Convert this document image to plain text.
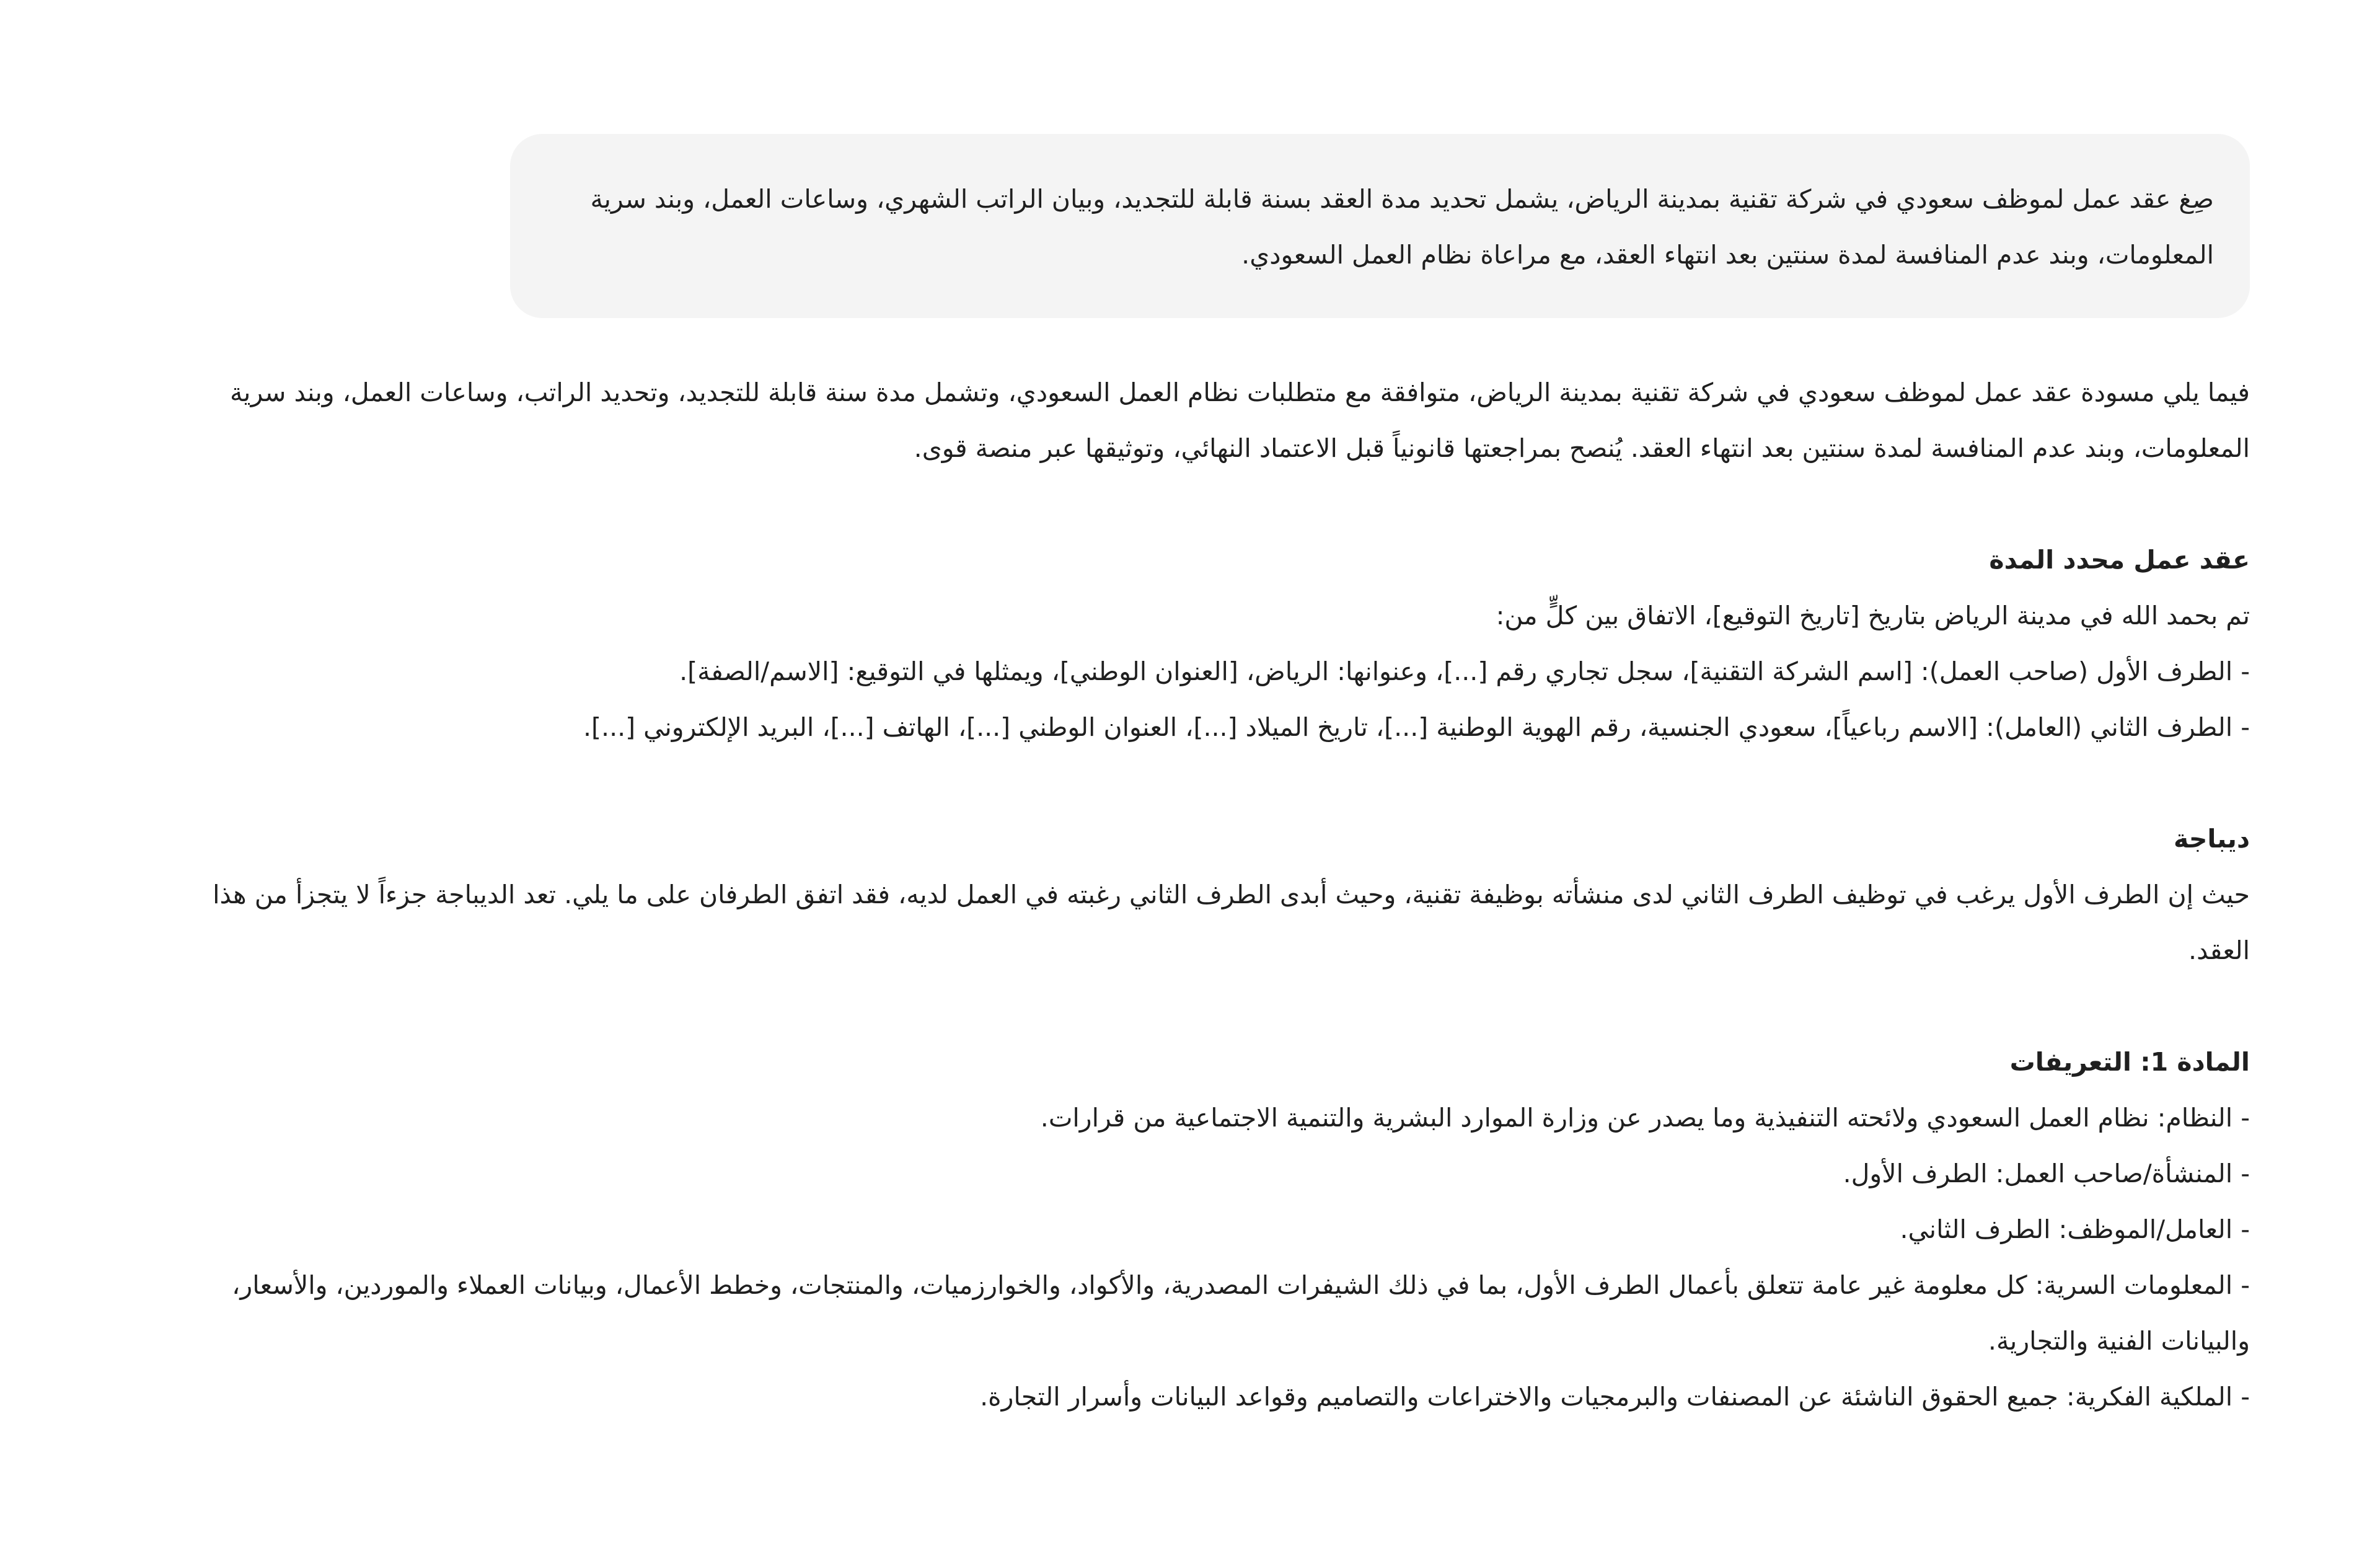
صِغ عقد عمل لموظف سعودي في شركة تقنية بمدينة الرياض، يشمل تحديد مدة العقد بسنة قابلة للتجديد، وبيان الراتب الشهري، وساعات العمل، وبند سرية المعلومات، وبند عدم المنافسة لمدة سنتين بعد انتهاء العقد، مع مراعاة نظام العمل السعودي.

فيما يلي مسودة عقد عمل لموظف سعودي في شركة تقنية بمدينة الرياض، متوافقة مع متطلبات نظام العمل السعودي، وتشمل مدة سنة قابلة للتجديد، وتحديد الراتب، وساعات العمل، وبند سرية المعلومات، وبند عدم المنافسة لمدة سنتين بعد انتهاء العقد. يُنصح بمراجعتها قانونياً قبل الاعتماد النهائي، وتوثيقها عبر منصة قوى.

عقد عمل محدد المدة

تم بحمد الله في مدينة الرياض بتاريخ [تاريخ التوقيع]، الاتفاق بين كلٍّ من:

- الطرف الأول (صاحب العمل): [اسم الشركة التقنية]، سجل تجاري رقم [...]، وعنوانها: الرياض، [العنوان الوطني]، ويمثلها في التوقيع: [الاسم/الصفة].

- الطرف الثاني (العامل): [الاسم رباعياً]، سعودي الجنسية، رقم الهوية الوطنية [...]، تاريخ الميلاد [...]، العنوان الوطني [...]، الهاتف [...]، البريد الإلكتروني [...].

ديباجة

حيث إن الطرف الأول يرغب في توظيف الطرف الثاني لدى منشأته بوظيفة تقنية، وحيث أبدى الطرف الثاني رغبته في العمل لديه، فقد اتفق الطرفان على ما يلي. تعد الديباجة جزءاً لا يتجزأ من هذا العقد.

المادة 1: التعريفات

- النظام: نظام العمل السعودي ولائحته التنفيذية وما يصدر عن وزارة الموارد البشرية والتنمية الاجتماعية من قرارات.

- المنشأة/صاحب العمل: الطرف الأول.

- العامل/الموظف: الطرف الثاني.

- المعلومات السرية: كل معلومة غير عامة تتعلق بأعمال الطرف الأول، بما في ذلك الشيفرات المصدرية، والأكواد، والخوارزميات، والمنتجات، وخطط الأعمال، وبيانات العملاء والموردين، والأسعار، والبيانات الفنية والتجارية.

- الملكية الفكرية: جميع الحقوق الناشئة عن المصنفات والبرمجيات والاختراعات والتصاميم وقواعد البيانات وأسرار التجارة.
